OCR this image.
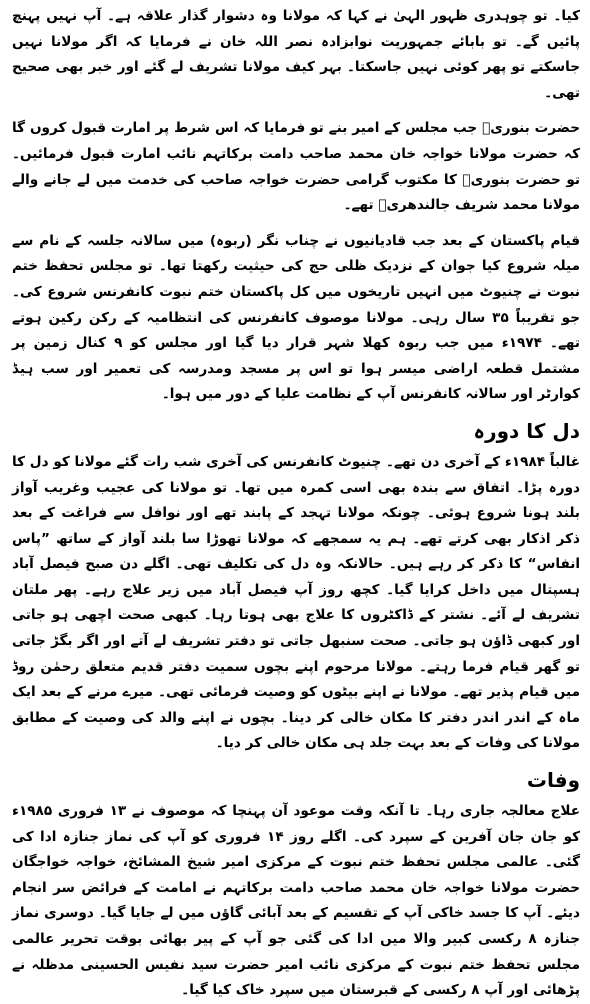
کیا۔ تو چوہدری ظہور الہیٰ نے کہا کہ مولانا وہ دشوار گذار علاقہ ہے۔ آپ نہیں پہنچ پائیں گے۔ تو بابائے جمہوریت نوابزادہ نصر اللہ خان نے فرمایا کہ اگر مولانا نہیں جاسکتے تو پھر کوئی نہیں جاسکتا۔ بہر کیف مولانا تشریف لے گئے اور خبر بھی صحیح تھی۔

حضرت بنوریؒ جب مجلس کے امیر بنے تو فرمایا کہ اس شرط پر امارت قبول کروں گا کہ حضرت مولانا خواجہ خان محمد صاحب دامت برکاتہم نائب امارت قبول فرمائیں۔ تو حضرت بنوریؒ کا مکتوب گرامی حضرت خواجہ صاحب کی خدمت میں لے جانے والے مولانا محمد شریف جالندھریؒ تھے۔

قیام پاکستان کے بعد جب قادیانیوں نے چناب نگر (ربوہ) میں سالانہ جلسہ کے نام سے میلہ شروع کیا جوان کے نزدیک ظلی حج کی حیثیت رکھتا تھا۔ تو مجلس تحفظ ختم نبوت نے چنیوٹ میں انہیں تاریخوں میں کل پاکستان ختم نبوت کانفرنس شروع کی۔ جو تقریباً ۳۵ سال رہی۔ مولانا موصوف کانفرنس کی انتظامیہ کے رکن رکین ہوتے تھے۔ ۱۹۷۴ء میں جب ربوہ کھلا شہر قرار دیا گیا اور مجلس کو ۹ کنال زمین پر مشتمل قطعہ اراضی میسر ہوا تو اس پر مسجد ومدرسہ کی تعمیر اور سب ہیڈ کوارٹر اور سالانہ کانفرنس آپ کے نظامت علیا کے دور میں ہوا۔

دل کا دورہ

غالباً ۱۹۸۴ء کے آخری دن تھے۔ چنیوٹ کانفرنس کی آخری شب رات گئے مولانا کو دل کا دورہ پڑا۔ اتفاق سے بندہ بھی اسی کمرہ میں تھا۔ تو مولانا کی عجیب وغریب آواز بلند ہونا شروع ہوئی۔ چونکہ مولانا تہجد کے پابند تھے اور نوافل سے فراغت کے بعد ذکر اذکار بھی کرتے تھے۔ ہم یہ سمجھے کہ مولانا تھوڑا سا بلند آواز کے ساتھ ”پاس انفاس“ کا ذکر کر رہے ہیں۔ حالانکہ وہ دل کی تکلیف تھی۔ اگلے دن صبح فیصل آباد ہسپتال میں داخل کرایا گیا۔ کچھ روز آپ فیصل آباد میں زیر علاج رہے۔ پھر ملتان تشریف لے آئے۔ نشتر کے ڈاکٹروں کا علاج بھی ہوتا رہا۔ کبھی صحت اچھی ہو جاتی اور کبھی ڈاؤن ہو جاتی۔ صحت سنبھل جاتی تو دفتر تشریف لے آتے اور اگر بگڑ جاتی تو گھر قیام فرما رہتے۔ مولانا مرحوم اپنے بچوں سمیت دفتر قدیم متعلق رحمٰن روڈ میں قیام پذیر تھے۔ مولانا نے اپنے بیٹوں کو وصیت فرمائی تھی۔ میرے مرنے کے بعد ایک ماہ کے اندر اندر دفتر کا مکان خالی کر دینا۔ بچوں نے اپنے والد کی وصیت کے مطابق مولانا کی وفات کے بعد بہت جلد ہی مکان خالی کر دیا۔

وفات

علاج معالجہ جاری رہا۔ تا آنکہ وقت موعود آن پہنچا کہ موصوف نے ۱۳ فروری ۱۹۸۵ء کو جان جان آفرین کے سپرد کی۔ اگلے روز ۱۴ فروری کو آپ کی نماز جنازہ ادا کی گئی۔ عالمی مجلس تحفظ ختم نبوت کے مرکزی امیر شیخ المشائخ، خواجہ خواجگان حضرت مولانا خواجہ خان محمد صاحب دامت برکاتہم نے امامت کے فرائض سر انجام دیئے۔ آپ کا جسد خاکی آپ کے تقسیم کے بعد آبائی گاؤں میں لے جایا گیا۔ دوسری نماز جنازہ ۸ رکسی کبیر والا میں ادا کی گئی جو آپ کے پیر بھائی بوقت تحریر عالمی مجلس تحفظ ختم نبوت کے مرکزی نائب امیر حضرت سید نفیس الحسینی مدظلہ نے پڑھائی اور آپ ۸ رکسی کے قبرستان میں سپرد خاک کیا گیا۔
